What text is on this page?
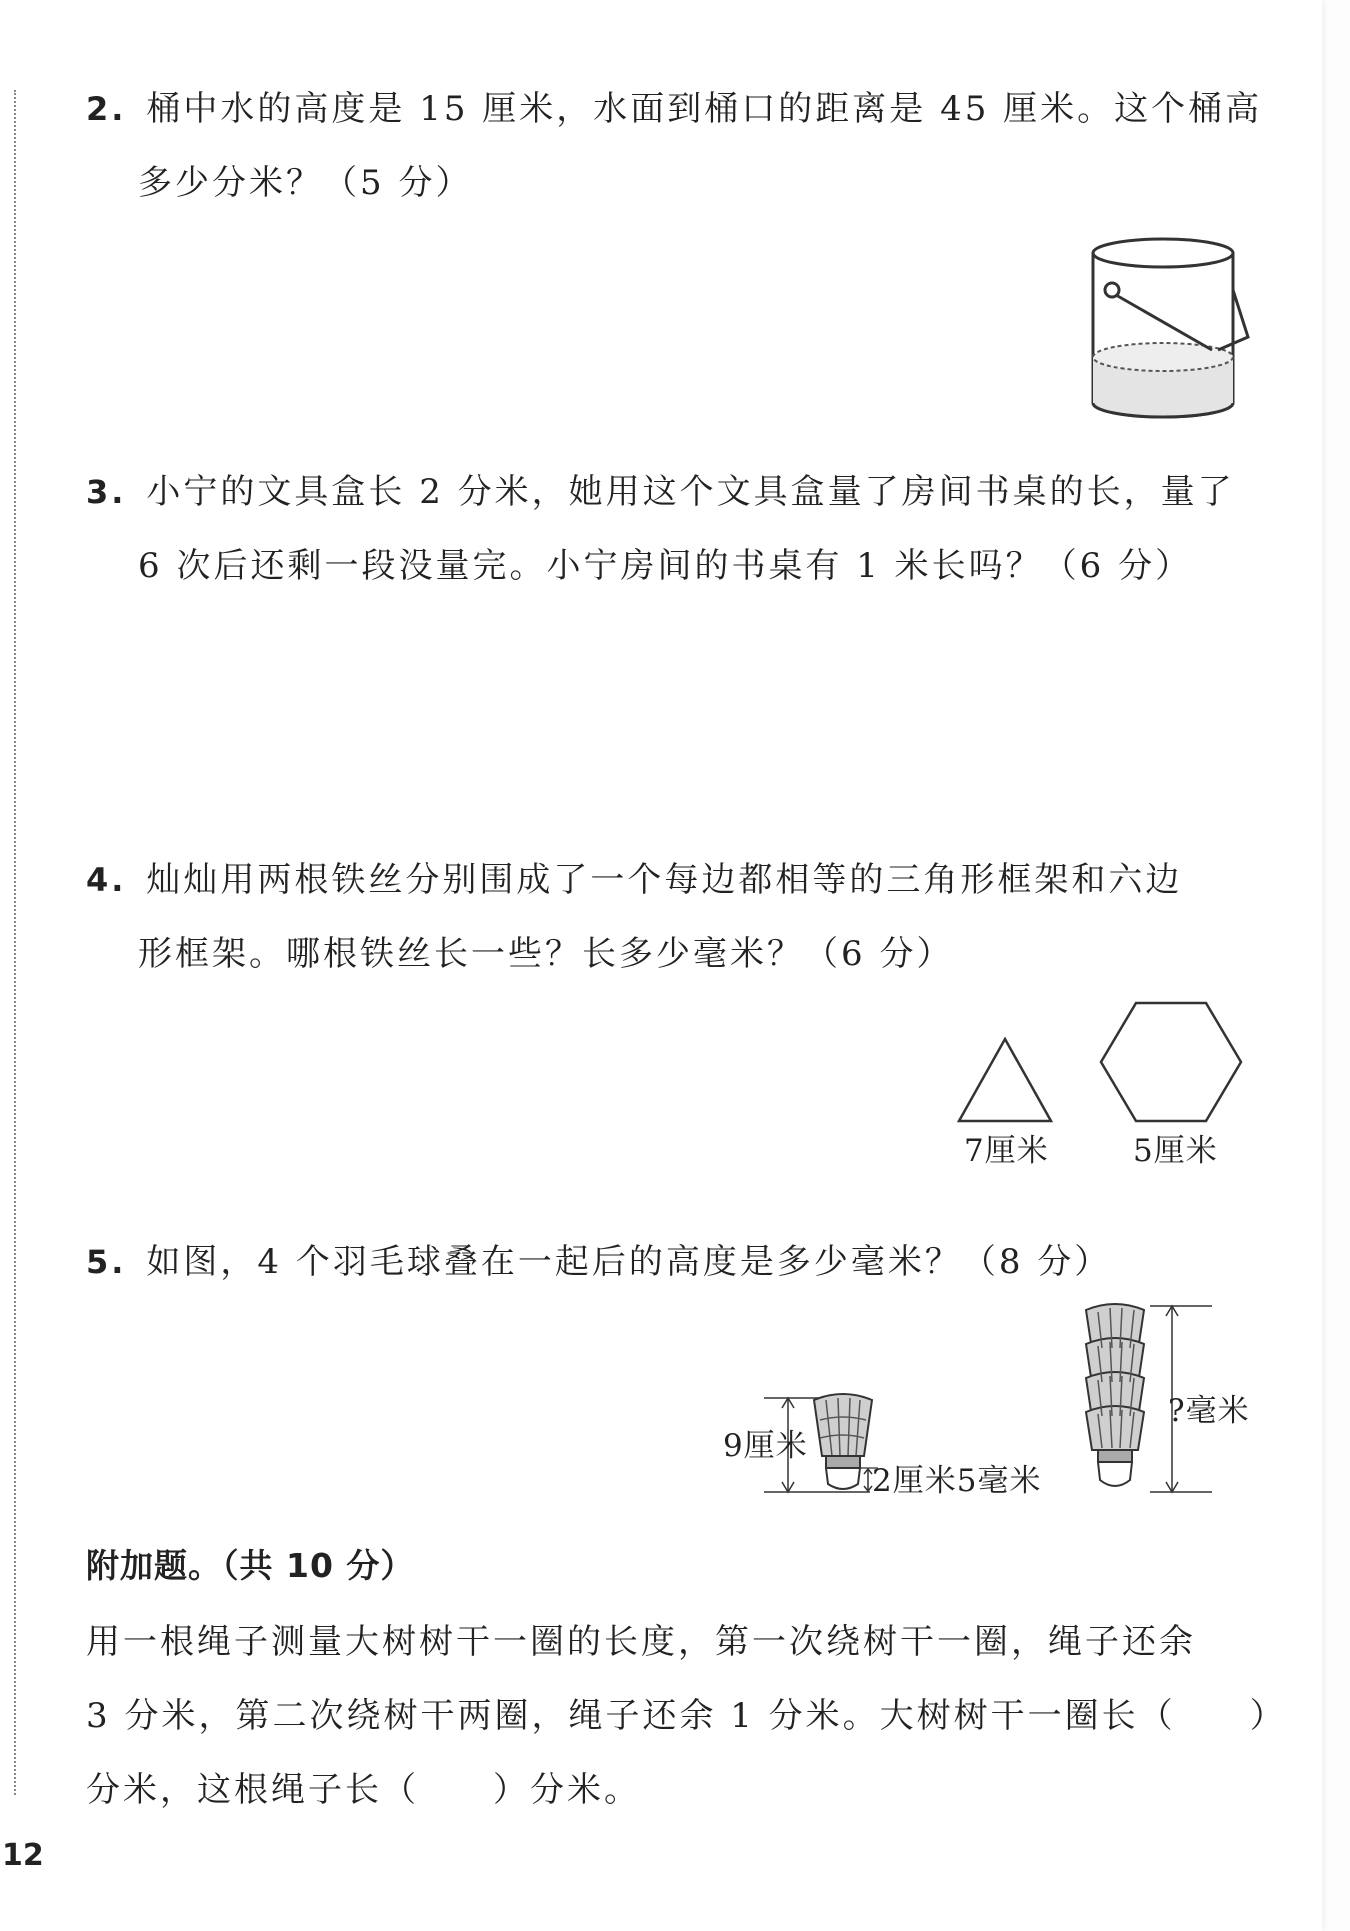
2. 桶中水的高度是 15 厘米，水面到桶口的距离是 45 厘米。这个桶高
多少分米？（5 分）
3. 小宁的文具盒长 2 分米，她用这个文具盒量了房间书桌的长，量了
6 次后还剩一段没量完。小宁房间的书桌有 1 米长吗？（6 分）
4. 灿灿用两根铁丝分别围成了一个每边都相等的三角形框架和六边
形框架。哪根铁丝长一些？长多少毫米？（6 分）
7厘米	5厘米
5. 如图，4 个羽毛球叠在一起后的高度是多少毫米？（8 分）
9厘米
2厘米5毫米
?毫米
附加题。（共 10 分）
用一根绳子测量大树树干一圈的长度，第一次绕树干一圈，绳子还余
3 分米，第二次绕树干两圈，绳子还余 1 分米。大树树干一圈长（ ）
分米，这根绳子长（ ）分米。
12
